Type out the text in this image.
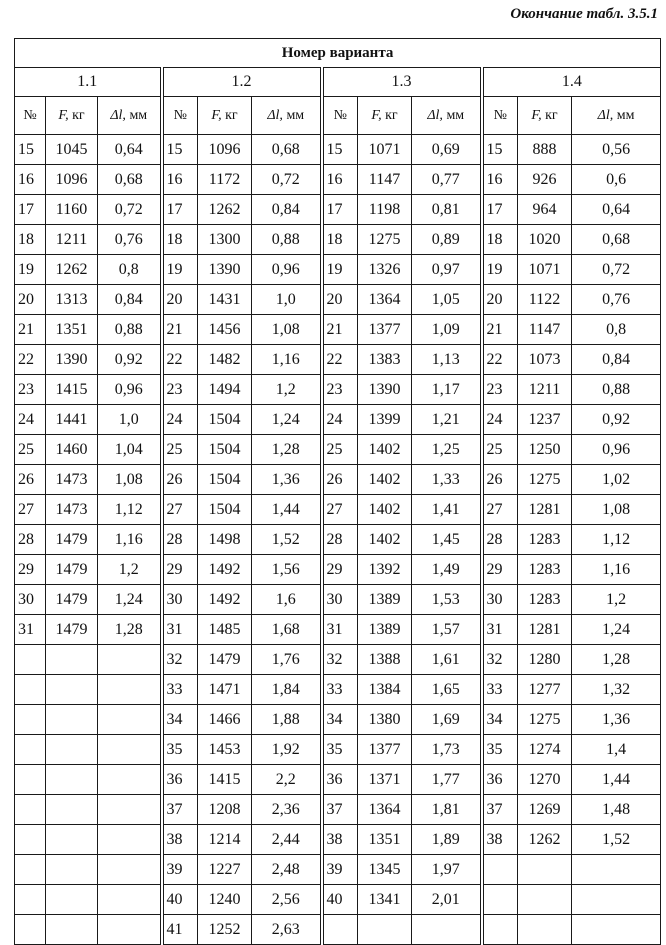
Окончание табл. 3.5.1
Номер варианта											
1.1			1.2			1.3			1.4		
№	F, кг	Δl, мм	№	F, кг	Δl, мм	№	F, кг	Δl, мм	№	F, кг	Δl, мм
15	1045	0,64	15	1096	0,68	15	1071	0,69	15	888	0,56
16	1096	0,68	16	1172	0,72	16	1147	0,77	16	926	0,6
17	1160	0,72	17	1262	0,84	17	1198	0,81	17	964	0,64
18	1211	0,76	18	1300	0,88	18	1275	0,89	18	1020	0,68
19	1262	0,8	19	1390	0,96	19	1326	0,97	19	1071	0,72
20	1313	0,84	20	1431	1,0	20	1364	1,05	20	1122	0,76
21	1351	0,88	21	1456	1,08	21	1377	1,09	21	1147	0,8
22	1390	0,92	22	1482	1,16	22	1383	1,13	22	1073	0,84
23	1415	0,96	23	1494	1,2	23	1390	1,17	23	1211	0,88
24	1441	1,0	24	1504	1,24	24	1399	1,21	24	1237	0,92
25	1460	1,04	25	1504	1,28	25	1402	1,25	25	1250	0,96
26	1473	1,08	26	1504	1,36	26	1402	1,33	26	1275	1,02
27	1473	1,12	27	1504	1,44	27	1402	1,41	27	1281	1,08
28	1479	1,16	28	1498	1,52	28	1402	1,45	28	1283	1,12
29	1479	1,2	29	1492	1,56	29	1392	1,49	29	1283	1,16
30	1479	1,24	30	1492	1,6	30	1389	1,53	30	1283	1,2
31	1479	1,28	31	1485	1,68	31	1389	1,57	31	1281	1,24
			32	1479	1,76	32	1388	1,61	32	1280	1,28
			33	1471	1,84	33	1384	1,65	33	1277	1,32
			34	1466	1,88	34	1380	1,69	34	1275	1,36
			35	1453	1,92	35	1377	1,73	35	1274	1,4
			36	1415	2,2	36	1371	1,77	36	1270	1,44
			37	1208	2,36	37	1364	1,81	37	1269	1,48
			38	1214	2,44	38	1351	1,89	38	1262	1,52
			39	1227	2,48	39	1345	1,97			
			40	1240	2,56	40	1341	2,01			
			41	1252	2,63						
